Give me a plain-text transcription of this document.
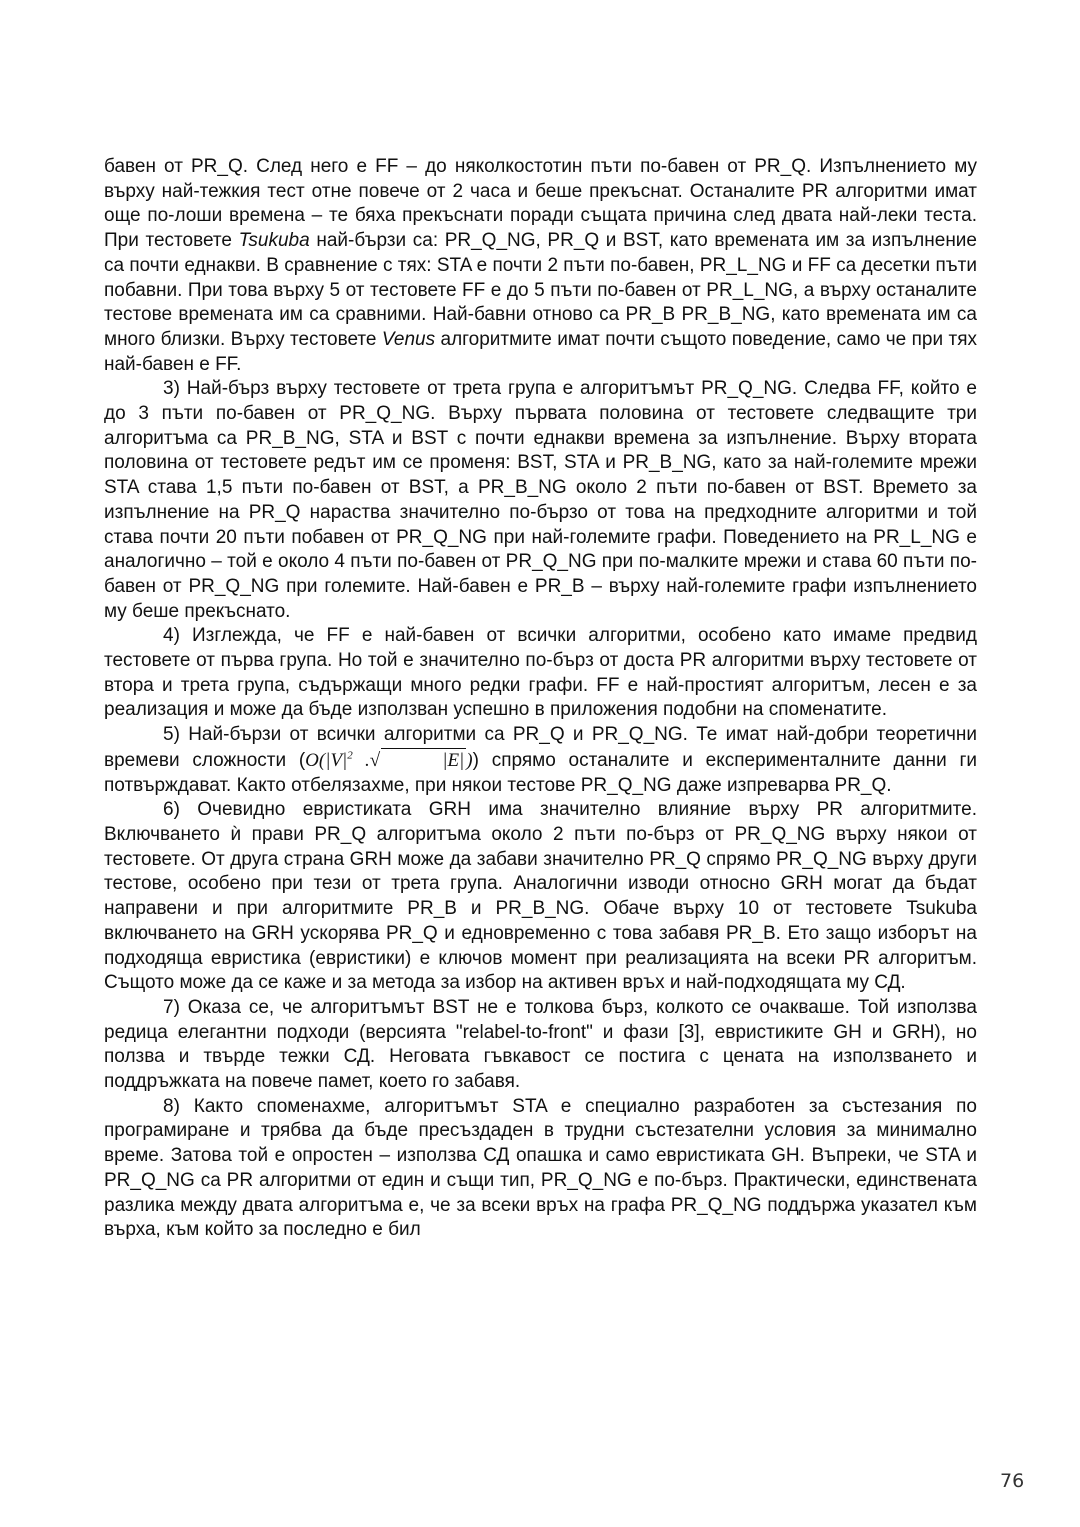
бавен от PR_Q. След него е FF – до няколкостотин пъти по-бавен от PR_Q. Изпълнението му върху най-тежкия тест отне повече от 2 часа и беше прекъснат. Останалите PR алгоритми имат още по-лоши времена – те бяха прекъснати поради същата причина след двата най-леки теста. При тестовете Tsukuba най-бързи са: PR_Q_NG, PR_Q и BST, като времената им за изпълнение са почти еднакви. В сравнение с тях: STA е почти 2 пъти по-бавен, PR_L_NG и FF са десетки пъти побавни. При това върху 5 от тестовете FF е до 5 пъти по-бавен от PR_L_NG, а върху останалите тестове времената им са сравними. Най-бавни отново са PR_B PR_B_NG, като времената им са много близки. Върху тестовете Venus алгоритмите имат почти същото поведение, само че при тях най-бавен е FF.

3) Най-бърз върху тестовете от трета група е алгоритъмът PR_Q_NG. Следва FF, който е до 3 пъти по-бавен от PR_Q_NG. Върху първата половина от тестовете следващите три алгоритъма са PR_B_NG, STA и BST с почти еднакви времена за изпълнение. Върху втората половина от тестовете редът им се променя: BST, STA и PR_B_NG, като за най-големите мрежи STA става 1,5 пъти по-бавен от BST, а PR_B_NG около 2 пъти по-бавен от BST. Времето за изпълнение на PR_Q нараства значително по-бързо от това на предходните алгоритми и той става почти 20 пъти побавен от PR_Q_NG при най-големите графи. Поведението на PR_L_NG е аналогично – той е около 4 пъти по-бавен от PR_Q_NG при по-малките мрежи и става 60 пъти побавен от PR_Q_NG при големите. Най-бавен е PR_B – върху най-големите графи изпълнението му беше прекъснато.

4) Изглежда, че FF е най-бавен от всички алгоритми, особено като имаме предвид тестовете от първа група. Но той е значително по-бърз от доста PR алгоритми върху тестовете от втора и трета група, съдържащи много редки графи. FF е най-простият алгоритъм, лесен е за реализация и може да бъде използван успешно в приложения подобни на споменатите.

5) Най-бързи от всички алгоритми са PR_Q и PR_Q_NG. Те имат най-добри теоретични времеви сложности ($O(|V|^2$ .√	|E| )) спрямо останалите и експерименталните данни ги потвърждават. Както отбелязахме, при някои тестове PR_Q_NG даже изпреварва PR_Q.

6) Очевидно евристиката GRH има значително влияние върху PR алгоритмите. Включването ѝ прави PR_Q алгоритъма около 2 пъти по-бърз от PR_Q_NG върху някои от тестовете. От друга страна GRH може да забави значително PR_Q спрямо PR_Q_NG върху други тестове, особено при тези от трета група. Аналогични изводи относно GRH могат да бъдат направени и при алгоритмите PR_B и PR_B_NG. Обаче върху 10 от тестовете Tsukuba включването на GRH ускорява PR_Q и едновременно с това забавя PR_B. Ето защо изборът на подходяща евристика (евристики) е ключов момент при реализацията на всеки PR алгоритъм. Същото може да се каже и за метода за избор на активен връх и най-подходящата му СД.

7) Оказа се, че алгоритъмът BST не е толкова бърз, колкото се очакваше. Той използва редица елегантни подходи (версията "relabel-to-front" и фази [3], евристиките GH и GRH), но ползва и твърде тежки СД. Неговата гъвкавост се постига с цената на използването и поддръжката на повече памет, което го забавя.

8) Както споменахме, алгоритъмът STA е специално разработен за състезания по програмиране и трябва да бъде пресъздаден в трудни състезателни условия за минимално време. Затова той е опростен – използва СД опашка и само евристиката GH. Въпреки, че STA и PR_Q_NG са PR алгоритми от един и същи тип, PR_Q_NG е по-бърз. Практически, единствената разлика между двата алгоритъма е, че за всеки връх на графа PR_Q_NG поддържа указател към върха, към който за последно е бил

76
